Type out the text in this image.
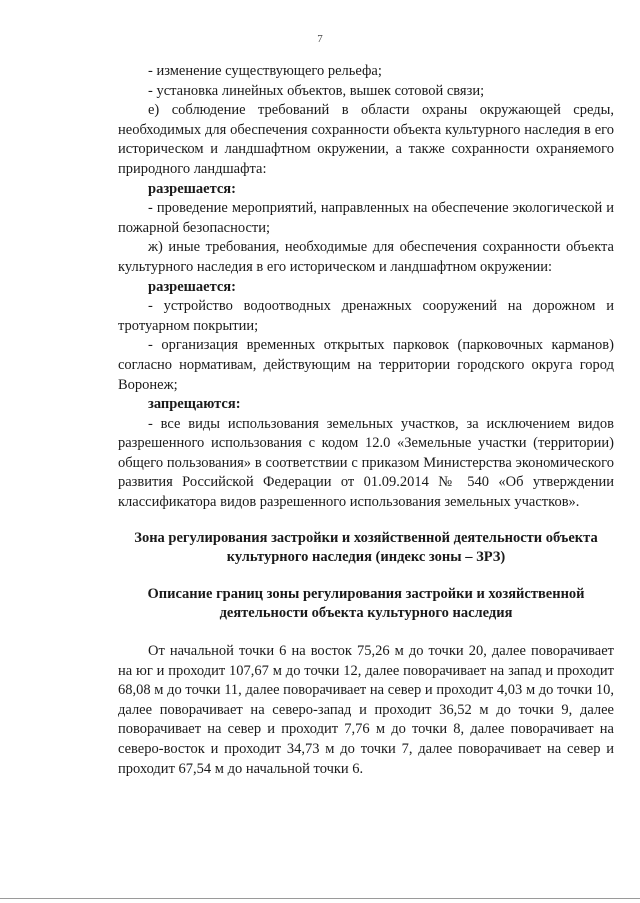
7

- изменение существующего рельефа;

- установка линейных объектов, вышек сотовой связи;

е) соблюдение требований в области охраны окружающей среды, необходимых для обеспечения сохранности объекта культурного наследия в его историческом и ландшафтном окружении, а также сохранности охраняемого природного ландшафта:

разрешается:

- проведение мероприятий, направленных на обеспечение экологической и пожарной безопасности;

ж) иные требования, необходимые для обеспечения сохранности объекта культурного наследия в его историческом и ландшафтном окружении:

разрешается:

- устройство водоотводных дренажных сооружений на дорожном и тротуарном покрытии;

- организация временных открытых парковок (парковочных карманов) согласно нормативам, действующим на территории городского округа город Воронеж;

запрещаются:

- все виды использования земельных участков, за исключением видов разрешенного использования с кодом 12.0 «Земельные участки (территории) общего пользования» в соответствии с приказом Министерства экономического развития Российской Федерации от 01.09.2014 № 540 «Об утверждении классификатора видов разрешенного использования земельных участков».

Зона регулирования застройки и хозяйственной деятельности объекта культурного наследия (индекс зоны – ЗРЗ)

Описание границ зоны регулирования застройки и хозяйственной деятельности объекта культурного наследия

От начальной точки 6 на восток 75,26 м до точки 20, далее поворачивает на юг и проходит 107,67 м до точки 12, далее поворачивает на запад и проходит 68,08 м до точки 11, далее поворачивает на север и проходит 4,03 м до точки 10, далее поворачивает на северо-запад и проходит 36,52 м до точки 9, далее поворачивает на север и проходит 7,76 м до точки 8, далее поворачивает на северо-восток и проходит 34,73 м до точки 7, далее поворачивает на север и проходит 67,54 м до начальной точки 6.
